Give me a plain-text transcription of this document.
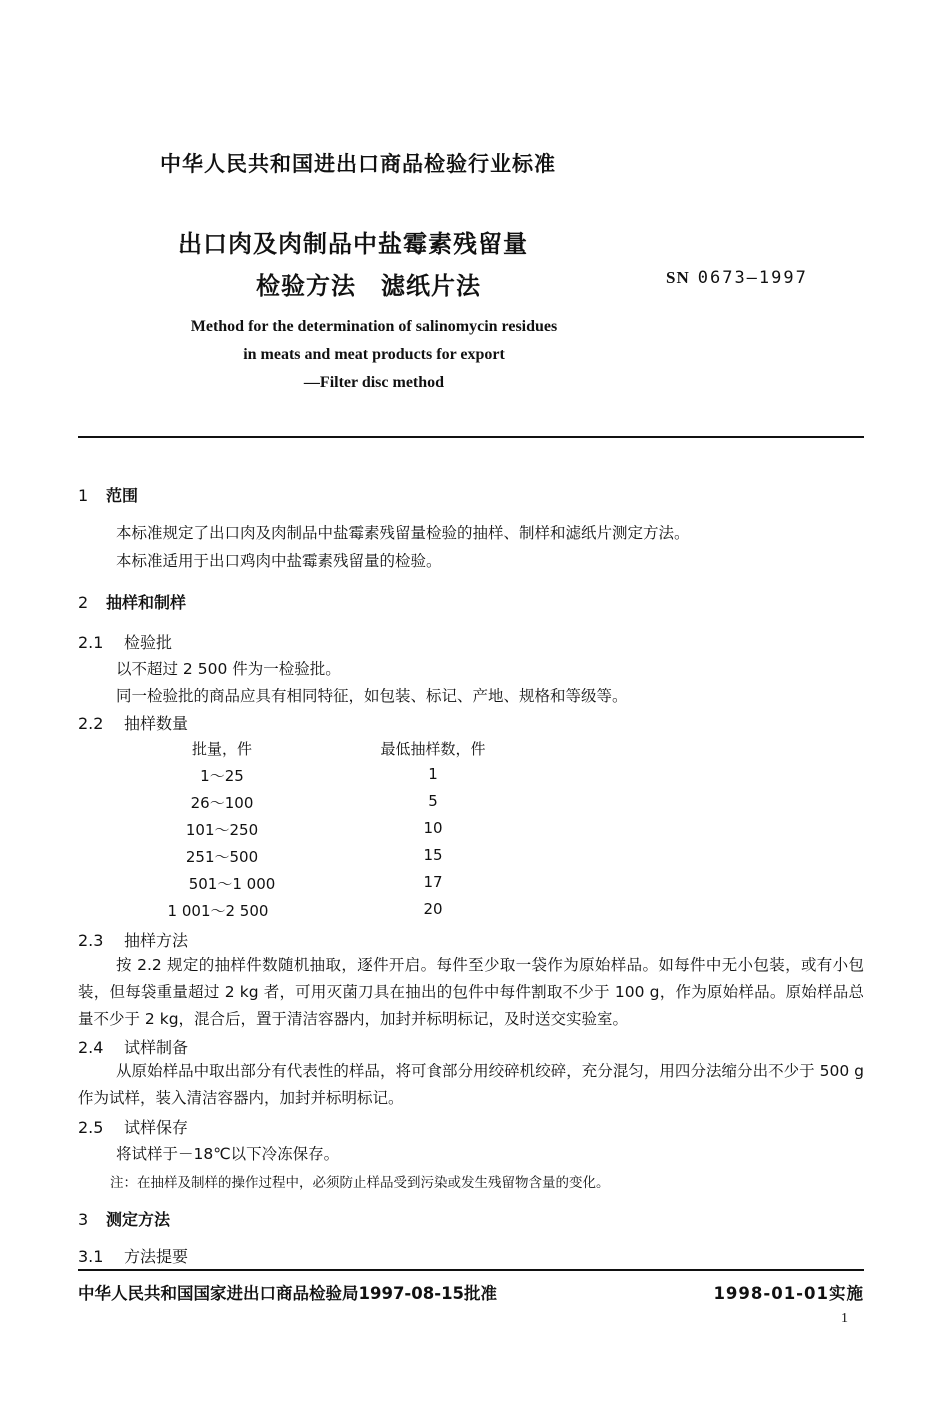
中华人民共和国进出口商品检验行业标准
出口肉及肉制品中盐霉素残留量
检验方法　滤纸片法	SN 0673—1997
Method for the determination of salinomycin residues
in meats and meat products for export
—Filter disc method
1 范围
本标准规定了出口肉及肉制品中盐霉素残留量检验的抽样、制样和滤纸片测定方法。
本标准适用于出口鸡肉中盐霉素残留量的检验。
2 抽样和制样
2.1 检验批
以不超过 2 500 件为一检验批。
同一检验批的商品应具有相同特征，如包装、标记、产地、规格和等级等。
2.2 抽样数量
批量，件	最低抽样数，件
1～25	1
26～100	5
101～250	10
251～500	15
501～1 000	17
1 001～2 500	20
2.3 抽样方法
按 2.2 规定的抽样件数随机抽取，逐件开启。每件至少取一袋作为原始样品。如每件中无小包装，或有小包装，但每袋重量超过 2 kg 者，可用灭菌刀具在抽出的包件中每件割取不少于 100 g，作为原始样品。原始样品总量不少于 2 kg，混合后，置于清洁容器内，加封并标明标记，及时送交实验室。
2.4 试样制备
从原始样品中取出部分有代表性的样品，将可食部分用绞碎机绞碎，充分混匀，用四分法缩分出不少于 500 g 作为试样，装入清洁容器内，加封并标明标记。
2.5 试样保存
将试样于－18℃以下冷冻保存。
注：在抽样及制样的操作过程中，必须防止样品受到污染或发生残留物含量的变化。
3 测定方法
3.1 方法提要
中华人民共和国国家进出口商品检验局1997-08-15批准	1998-01-01实施
1
